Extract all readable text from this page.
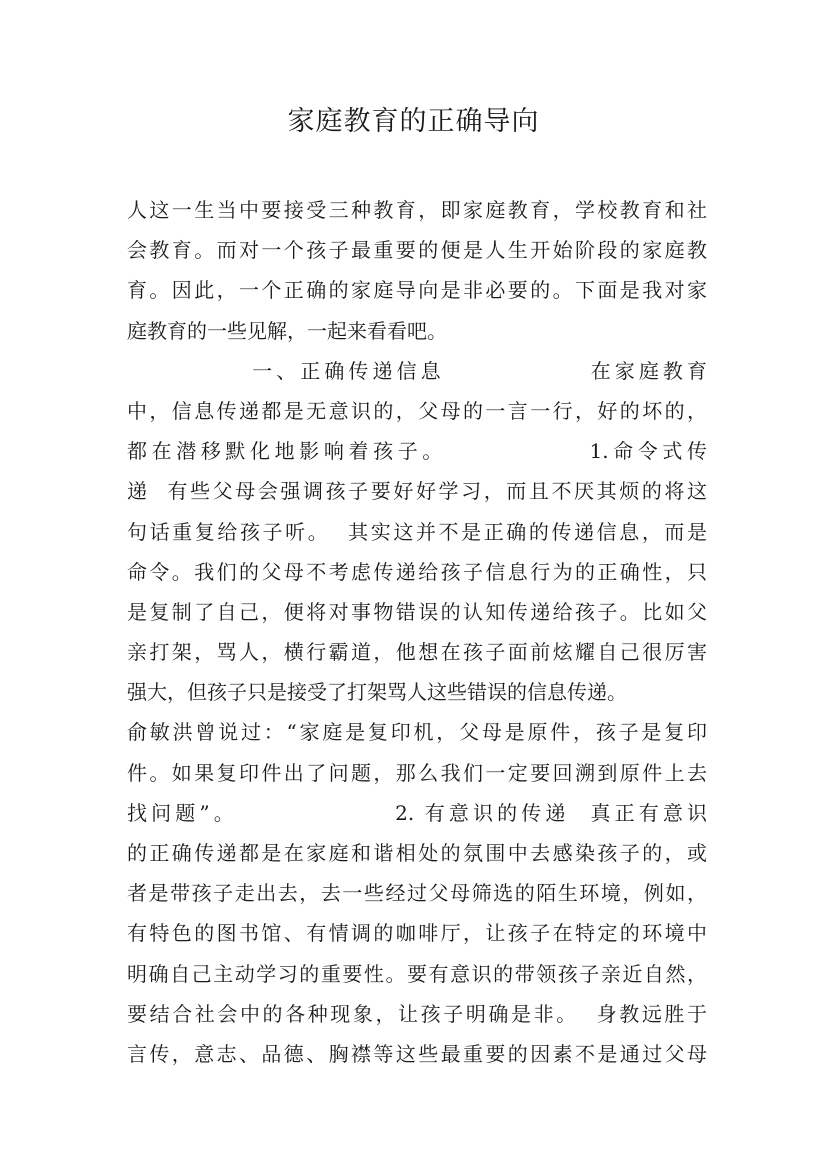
家庭教育的正确导向
人这一生当中要接受三种教育，即家庭教育，学校教育和社
会教育。而对一个孩子最重要的便是人生开始阶段的家庭教
育。因此，一个正确的家庭导向是非必要的。下面是我对家
庭教育的一些见解，一起来看看吧。
一、正确传递信息              在家庭教育
中，信息传递都是无意识的，父母的一言一行，好的坏的，
都在潜移默化地影响着孩子。             1.命令式传
递  有些父母会强调孩子要好好学习，而且不厌其烦的将这
句话重复给孩子听。  其实这并不是正确的传递信息，而是
命令。我们的父母不考虑传递给孩子信息行为的正确性，只
是复制了自己，便将对事物错误的认知传递给孩子。比如父
亲打架，骂人，横行霸道，他想在孩子面前炫耀自己很厉害
强大，但孩子只是接受了打架骂人这些错误的信息传递。
俞敏洪曾说过：“家庭是复印机，父母是原件，孩子是复印
件。如果复印件出了问题，那么我们一定要回溯到原件上去
找问题”。               2. 有意识的传递  真正有意识
的正确传递都是在家庭和谐相处的氛围中去感染孩子的，或
者是带孩子走出去，去一些经过父母筛选的陌生环境，例如，
有特色的图书馆、有情调的咖啡厅，让孩子在特定的环境中
明确自己主动学习的重要性。要有意识的带领孩子亲近自然，
要结合社会中的各种现象，让孩子明确是非。  身教远胜于
言传，意志、品德、胸襟等这些最重要的因素不是通过父母
